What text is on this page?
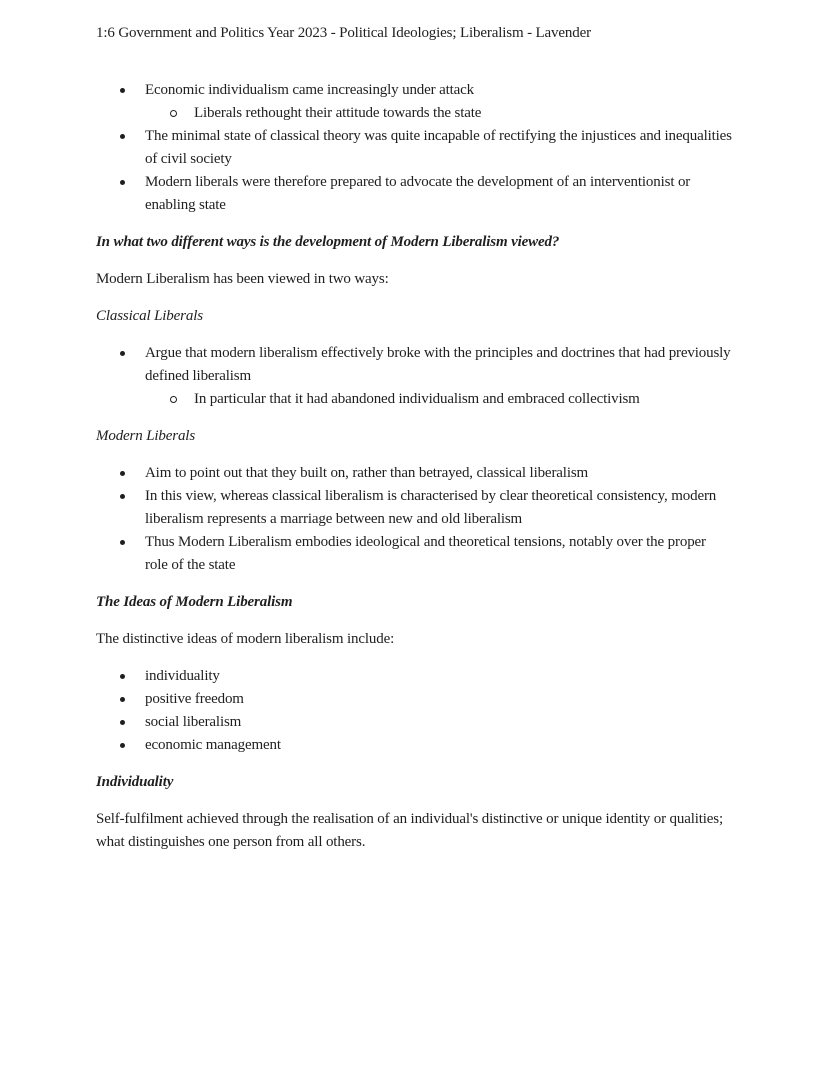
1:6 Government and Politics Year 2023 - Political Ideologies; Liberalism - Lavender

Economic individualism came increasingly under attack
Liberals rethought their attitude towards the state
The minimal state of classical theory was quite incapable of rectifying the injustices and inequalities of civil society
Modern liberals were therefore prepared to advocate the development of an interventionist or enabling state

In what two different ways is the development of Modern Liberalism viewed?

Modern Liberalism has been viewed in two ways:

Classical Liberals

Argue that modern liberalism effectively broke with the principles and doctrines that had previously defined liberalism
In particular that it had abandoned individualism and embraced collectivism

Modern Liberals

Aim to point out that they built on, rather than betrayed, classical liberalism
In this view, whereas classical liberalism is characterised by clear theoretical consistency, modern liberalism represents a marriage between new and old liberalism
Thus Modern Liberalism embodies ideological and theoretical tensions, notably over the proper role of the state

The Ideas of Modern Liberalism

The distinctive ideas of modern liberalism include:

individuality
positive freedom
social liberalism
economic management

Individuality

Self-fulfilment achieved through the realisation of an individual's distinctive or unique identity or qualities; what distinguishes one person from all others.
